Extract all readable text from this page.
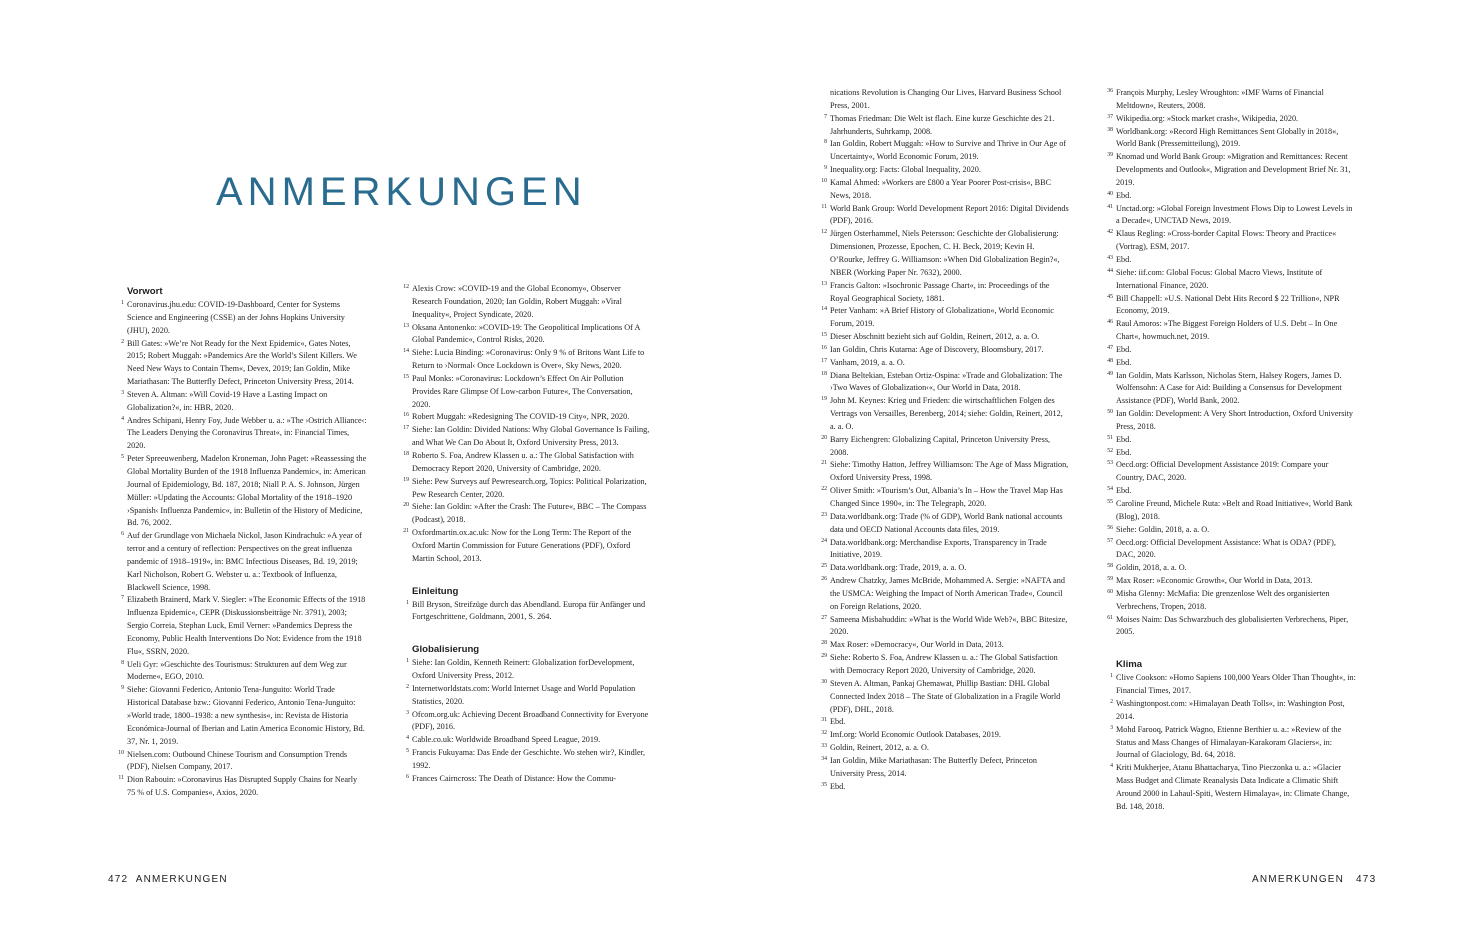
ANMERKUNGEN
Vorwort
1 Coronavirus.jhu.edu: COVID-19-Dashboard, Center for Systems Science and Engineering (CSSE) an der Johns Hopkins University (JHU), 2020.
2 Bill Gates: »We’re Not Ready for the Next Epidemic«, Gates Notes, 2015; Robert Muggah: »Pandemics Are the World’s Silent Killers. We Need New Ways to Contain Them«, Devex, 2019; Ian Goldin, Mike Mariathasan: The Butterfly Defect, Princeton University Press, 2014.
3 Steven A. Altman: »Will Covid-19 Have a Lasting Impact on Globalization?«, in: HBR, 2020.
4 Andres Schipani, Henry Foy, Jude Webber u. a.: »The ›Ostrich Alliance‹: The Leaders Denying the Coronavirus Threat«, in: Financial Times, 2020.
5 Peter Spreeuwenberg, Madelon Kroneman, John Paget: »Reassessing the Global Mortality Burden of the 1918 Influenza Pandemic«, in: American Journal of Epidemiology, Bd. 187, 2018; Niall P. A. S. Johnson, Jürgen Müller: »Updating the Accounts: Global Mortality of the 1918–1920 ›Spanish‹ Influenza Pandemic«, in: Bulletin of the History of Medicine, Bd. 76, 2002.
6 Auf der Grundlage von Michaela Nickol, Jason Kindrachuk: »A year of terror and a century of reflection: Perspectives on the great influenza pandemic of 1918–1919«, in: BMC Infectious Diseases, Bd. 19, 2019; Karl Nicholson, Robert G. Webster u. a.: Textbook of Influenza, Blackwell Science, 1998.
7 Elizabeth Brainerd, Mark V. Siegler: »The Economic Effects of the 1918 Influenza Epidemic«, CEPR (Diskussionsbeiträge Nr. 3791), 2003; Sergio Correia, Stephan Luck, Emil Verner: »Pandemics Depress the Economy, Public Health Interventions Do Not: Evidence from the 1918 Flu«, SSRN, 2020.
8 Ueli Gyr: »Geschichte des Tourismus: Strukturen auf dem Weg zur Moderne«, EGO, 2010.
9 Siehe: Giovanni Federico, Antonio Tena-Junguito: World Trade Historical Database bzw.: Giovanni Federico, Antonio Tena-Junguito: »World trade, 1800–1938: a new synthesis«, in: Revista de Historia Económica-Journal of Iberian and Latin America Economic History, Bd. 37, Nr. 1, 2019.
10 Nielsen.com: Outbound Chinese Tourism and Consumption Trends (PDF), Nielsen Company, 2017.
11 Dion Rabouin: »Coronavirus Has Disrupted Supply Chains for Nearly 75 % of U.S. Companies«, Axios, 2020.
12 Alexis Crow: »COVID-19 and the Global Economy«, Observer Research Foundation, 2020; Ian Goldin, Robert Muggah: »Viral Inequality«, Project Syndicate, 2020.
13 Oksana Antonenko: »COVID-19: The Geopolitical Implications Of A Global Pandemic«, Control Risks, 2020.
14 Siehe: Lucia Binding: »Coronavirus: Only 9 % of Britons Want Life to Return to ›Normal‹ Once Lockdown is Over«, Sky News, 2020.
15 Paul Monks: »Coronavirus: Lockdown’s Effect On Air Pollution Provides Rare Glimpse Of Low-carbon Future«, The Conversation, 2020.
16 Robert Muggah: »Redesigning The COVID-19 City«, NPR, 2020.
17 Siehe: Ian Goldin: Divided Nations: Why Global Governance Is Failing, and What We Can Do About It, Oxford University Press, 2013.
18 Roberto S. Foa, Andrew Klassen u. a.: The Global Satisfaction with Democracy Report 2020, University of Cambridge, 2020.
19 Siehe: Pew Surveys auf Pewresearch.org, Topics: Political Polarization, Pew Research Center, 2020.
20 Siehe: Ian Goldin: »After the Crash: The Future«, BBC – The Compass (Podcast), 2018.
21 Oxfordmartin.ox.ac.uk: Now for the Long Term: The Report of the Oxford Martin Commission for Future Generations (PDF), Oxford Martin School, 2013.
Einleitung
1 Bill Bryson, Streifzüge durch das Abendland. Europa für Anfänger und Fortgeschrittene, Goldmann, 2001, S. 264.
Globalisierung
1 Siehe: Ian Goldin, Kenneth Reinert: Globalization forDevelopment, Oxford University Press, 2012.
2 Internetworldstats.com: World Internet Usage and World Population Statistics, 2020.
3 Ofcom.org.uk: Achieving Decent Broadband Connectivity for Everyone (PDF), 2016.
4 Cable.co.uk: Worldwide Broadband Speed League, 2019.
5 Francis Fukuyama: Das Ende der Geschichte. Wo stehen wir?, Kindler, 1992.
6 Frances Cairncross: The Death of Distance: How the Commu-
nications Revolution is Changing Our Lives, Harvard Business School Press, 2001.
7 Thomas Friedman: Die Welt ist flach. Eine kurze Geschichte des 21. Jahrhunderts, Suhrkamp, 2008.
8 Ian Goldin, Robert Muggah: »How to Survive and Thrive in Our Age of Uncertainty«, World Economic Forum, 2019.
9 Inequality.org: Facts: Global Inequality, 2020.
10 Kamal Ahmed: »Workers are £800 a Year Poorer Post-crisis«, BBC News, 2018.
11 World Bank Group: World Development Report 2016: Digital Dividends (PDF), 2016.
12 Jürgen Osterhammel, Niels Petersson: Geschichte der Globalisierung: Dimensionen, Prozesse, Epochen, C. H. Beck, 2019; Kevin H. O’Rourke, Jeffrey G. Williamson: »When Did Globalization Begin?«, NBER (Working Paper Nr. 7632), 2000.
13 Francis Galton: »Isochronic Passage Chart«, in: Proceedings of the Royal Geographical Society, 1881.
14 Peter Vanham: »A Brief History of Globalization«, World Economic Forum, 2019.
15 Dieser Abschnitt bezieht sich auf Goldin, Reinert, 2012, a. a. O.
16 Ian Goldin, Chris Kutarna: Age of Discovery, Bloomsbury, 2017.
17 Vanham, 2019, a. a. O.
18 Diana Beltekian, Esteban Ortiz-Ospina: »Trade and Globalization: The ›Two Waves of Globalization‹«, Our World in Data, 2018.
19 John M. Keynes: Krieg und Frieden: die wirtschaftlichen Folgen des Vertrags von Versailles, Berenberg, 2014; siehe: Goldin, Reinert, 2012, a. a. O.
20 Barry Eichengren: Globalizing Capital, Princeton University Press, 2008.
21 Siehe: Timothy Hatton, Jeffrey Williamson: The Age of Mass Migration, Oxford University Press, 1998.
22 Oliver Smith: »Tourism’s Out, Albania’s In – How the Travel Map Has Changed Since 1990«, in: The Telegraph, 2020.
23 Data.worldbank.org: Trade (% of GDP), World Bank national accounts data und OECD National Accounts data files, 2019.
24 Data.worldbank.org: Merchandise Exports, Transparency in Trade Initiative, 2019.
25 Data.worldbank.org: Trade, 2019, a. a. O.
26 Andrew Chatzky, James McBride, Mohammed A. Sergie: »NAFTA and the USMCA: Weighing the Impact of North American Trade«, Council on Foreign Relations, 2020.
27 Sameena Misbahuddin: »What is the World Wide Web?«, BBC Bitesize, 2020.
28 Max Roser: »Democracy«, Our World in Data, 2013.
29 Siehe: Roberto S. Foa, Andrew Klassen u. a.: The Global Satisfaction with Democracy Report 2020, University of Cambridge, 2020.
30 Steven A. Altman, Pankaj Ghemawat, Phillip Bastian: DHL Global Connected Index 2018 – The State of Globalization in a Fragile World (PDF), DHL, 2018.
31 Ebd.
32 Imf.org: World Economic Outlook Databases, 2019.
33 Goldin, Reinert, 2012, a. a. O.
34 Ian Goldin, Mike Mariathasan: The Butterfly Defect, Princeton University Press, 2014.
35 Ebd.
36 François Murphy, Lesley Wroughton: »IMF Warns of Financial Meltdown«, Reuters, 2008.
37 Wikipedia.org: »Stock market crash«, Wikipedia, 2020.
38 Worldbank.org: »Record High Remittances Sent Globally in 2018«, World Bank (Pressemitteilung), 2019.
39 Knomad und World Bank Group: »Migration and Remittances: Recent Developments and Outlook«, Migration and Development Brief Nr. 31, 2019.
40 Ebd.
41 Unctad.org: »Global Foreign Investment Flows Dip to Lowest Levels in a Decade«, UNCTAD News, 2019.
42 Klaus Regling: »Cross-border Capital Flows: Theory and Practice« (Vortrag), ESM, 2017.
43 Ebd.
44 Siehe: iif.com: Global Focus: Global Macro Views, Institute of International Finance, 2020.
45 Bill Chappell: »U.S. National Debt Hits Record $ 22 Trillion«, NPR Economy, 2019.
46 Raul Amoros: »The Biggest Foreign Holders of U.S. Debt – In One Chart«, howmuch.net, 2019.
47 Ebd.
48 Ebd.
49 Ian Goldin, Mats Karlsson, Nicholas Stern, Halsey Rogers, James D. Wolfensohn: A Case for Aid: Building a Consensus for Development Assistance (PDF), World Bank, 2002.
50 Ian Goldin: Development: A Very Short Introduction, Oxford University Press, 2018.
51 Ebd.
52 Ebd.
53 Oecd.org: Official Development Assistance 2019: Compare your Country, DAC, 2020.
54 Ebd.
55 Caroline Freund, Michele Ruta: »Belt and Road Initiative«, World Bank (Blog), 2018.
56 Siehe: Goldin, 2018, a. a. O.
57 Oecd.org: Official Development Assistance: What is ODA? (PDF), DAC, 2020.
58 Goldin, 2018, a. a. O.
59 Max Roser: »Economic Growth«, Our World in Data, 2013.
60 Misha Glenny: McMafia: Die grenzenlose Welt des organisierten Verbrechens, Tropen, 2018.
61 Moises Naim: Das Schwarzbuch des globalisierten Verbrechens, Piper, 2005.
Klima
1 Clive Cookson: »Homo Sapiens 100,000 Years Older Than Thought«, in: Financial Times, 2017.
2 Washingtonpost.com: »Himalayan Death Tolls«, in: Washington Post, 2014.
3 Mohd Farooq, Patrick Wagno, Etienne Berthier u. a.: »Review of the Status and Mass Changes of Himalayan-Karakoram Glaciers«, in: Journal of Glaciology, Bd. 64, 2018.
4 Kriti Mukherjee, Atanu Bhattacharya, Tino Pieczonka u. a.: »Glacier Mass Budget and Climate Reanalysis Data Indicate a Climatic Shift Around 2000 in Lahaul-Spiti, Western Himalaya«, in: Climate Change, Bd. 148, 2018.
472 ANMERKUNGEN	ANMERKUNGEN 473
